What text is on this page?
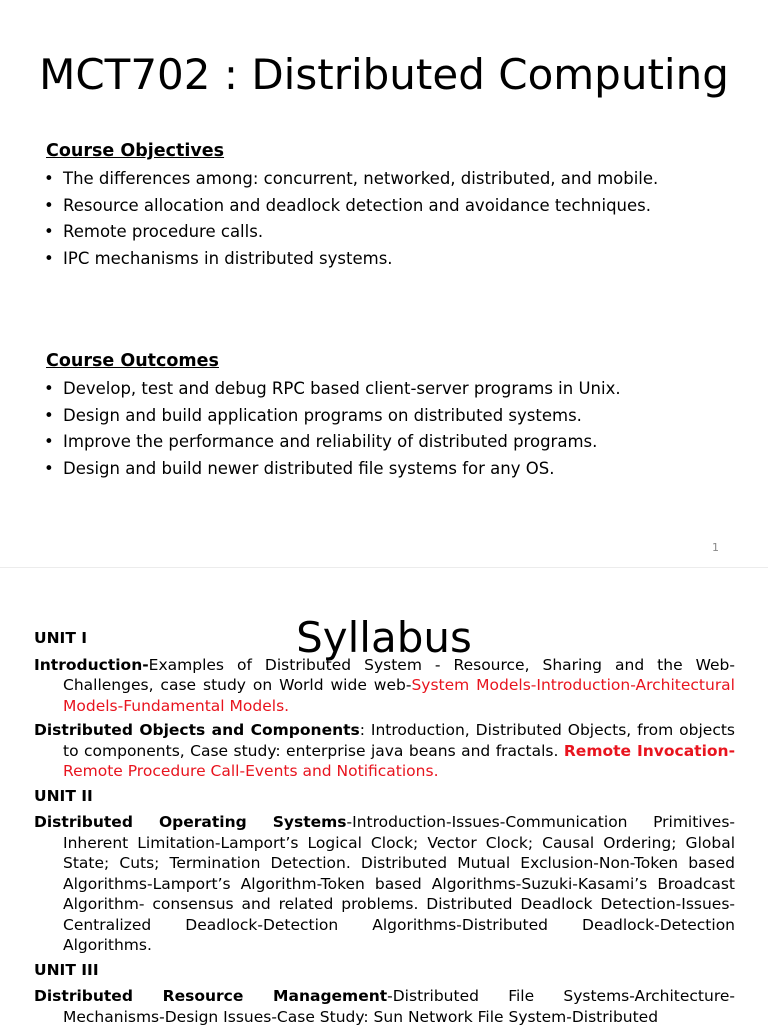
MCT702 : Distributed Computing
Course Objectives
• The differences among: concurrent, networked, distributed, and mobile.
• Resource allocation and deadlock detection and avoidance techniques.
• Remote procedure calls.
• IPC mechanisms in distributed systems.
Course Outcomes
• Develop, test and debug RPC based client-server programs in Unix.
• Design and build application programs on distributed systems.
• Improve the performance and reliability of distributed programs.
• Design and build newer distributed file systems for any OS.
1
Syllabus
UNIT I
Introduction-Examples of Distributed System - Resource, Sharing and the Web-Challenges, case study on World wide web-System Models-Introduction-Architectural Models-Fundamental Models.
Distributed Objects and Components: Introduction, Distributed Objects, from objects to components, Case study: enterprise java beans and fractals. Remote Invocation- Remote Procedure Call-Events and Notifications.
UNIT II
Distributed Operating Systems-Introduction-Issues-Communication Primitives-Inherent Limitation-Lamport’s Logical Clock; Vector Clock; Causal Ordering; Global State; Cuts; Termination Detection. Distributed Mutual Exclusion-Non-Token based Algorithms-Lamport’s Algorithm-Token based Algorithms-Suzuki-Kasami’s Broadcast Algorithm- consensus and related problems. Distributed Deadlock Detection-Issues-Centralized Deadlock-Detection Algorithms-Distributed Deadlock-Detection Algorithms.
UNIT III
Distributed Resource Management-Distributed File Systems-Architecture-Mechanisms-Design Issues-Case Study: Sun Network File System-Distributed
